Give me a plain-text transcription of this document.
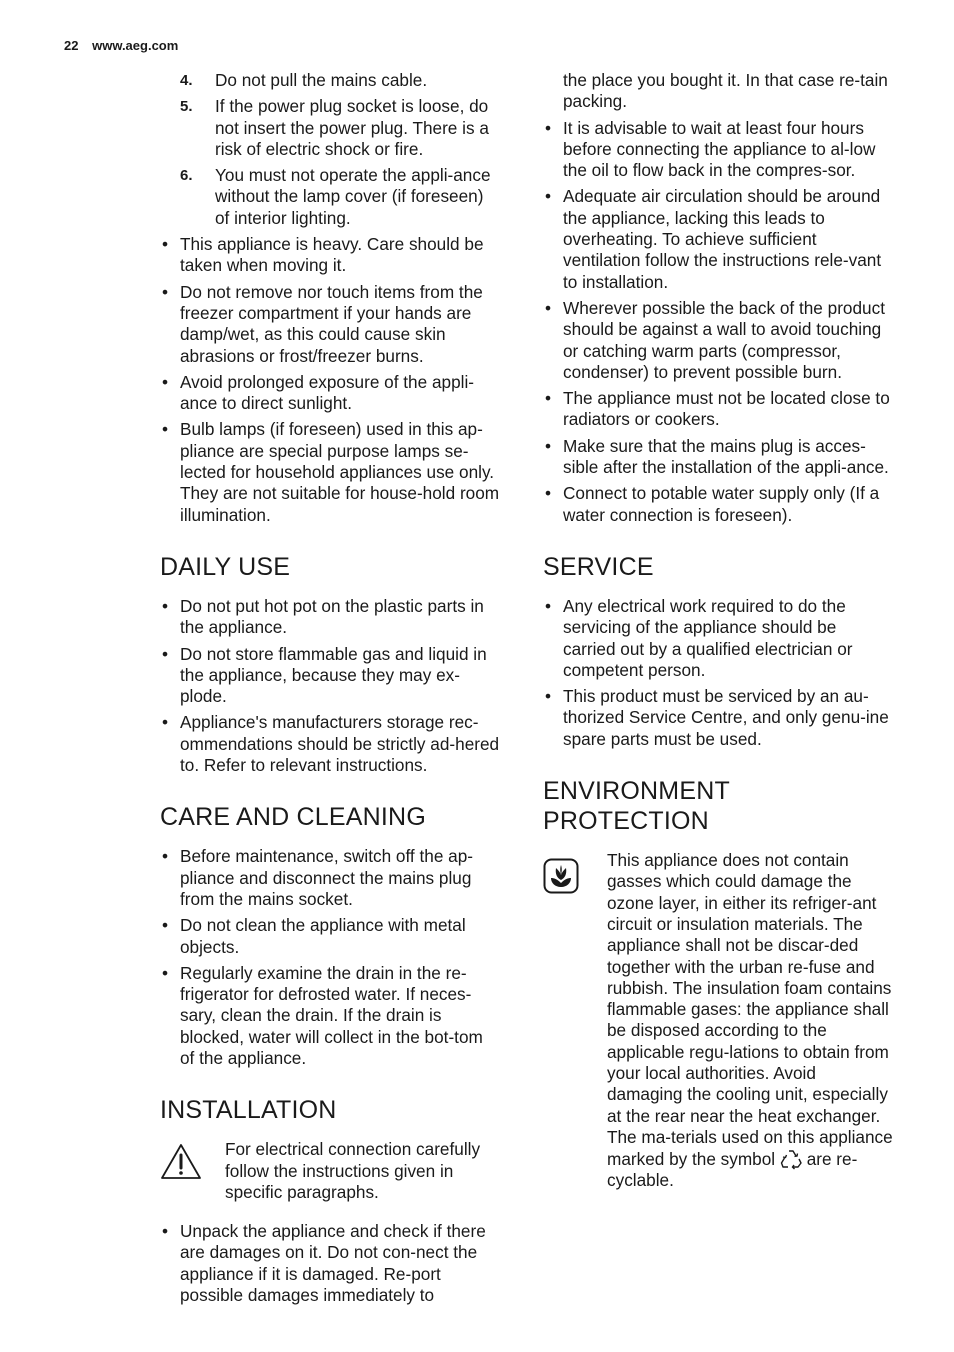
22 www.aeg.com
4. Do not pull the mains cable.
5. If the power plug socket is loose, do not insert the power plug. There is a risk of electric shock or fire.
6. You must not operate the appli-ance without the lamp cover (if foreseen) of interior lighting.
• This appliance is heavy. Care should be taken when moving it.
• Do not remove nor touch items from the freezer compartment if your hands are damp/wet, as this could cause skin abrasions or frost/freezer burns.
• Avoid prolonged exposure of the appli-ance to direct sunlight.
• Bulb lamps (if foreseen) used in this ap-pliance are special purpose lamps se-lected for household appliances use only. They are not suitable for house-hold room illumination.
DAILY USE
• Do not put hot pot on the plastic parts in the appliance.
• Do not store flammable gas and liquid in the appliance, because they may ex-plode.
• Appliance's manufacturers storage rec-ommendations should be strictly ad-hered to. Refer to relevant instructions.
CARE AND CLEANING
• Before maintenance, switch off the ap-pliance and disconnect the mains plug from the mains socket.
• Do not clean the appliance with metal objects.
• Regularly examine the drain in the re-frigerator for defrosted water. If neces-sary, clean the drain. If the drain is blocked, water will collect in the bot-tom of the appliance.
INSTALLATION
For electrical connection carefully follow the instructions given in specific paragraphs.
• Unpack the appliance and check if there are damages on it. Do not con-nect the appliance if it is damaged. Re-port possible damages immediately to
the place you bought it. In that case re-tain packing.
• It is advisable to wait at least four hours before connecting the appliance to al-low the oil to flow back in the compres-sor.
• Adequate air circulation should be around the appliance, lacking this leads to overheating. To achieve sufficient ventilation follow the instructions rele-vant to installation.
• Wherever possible the back of the product should be against a wall to avoid touching or catching warm parts (compressor, condenser) to prevent possible burn.
• The appliance must not be located close to radiators or cookers.
• Make sure that the mains plug is acces-sible after the installation of the appli-ance.
• Connect to potable water supply only (If a water connection is foreseen).
SERVICE
• Any electrical work required to do the servicing of the appliance should be carried out by a qualified electrician or competent person.
• This product must be serviced by an au-thorized Service Centre, and only genu-ine spare parts must be used.
ENVIRONMENT PROTECTION
This appliance does not contain gasses which could damage the ozone layer, in either its refriger-ant circuit or insulation materials. The appliance shall not be discar-ded together with the urban re-fuse and rubbish. The insulation foam contains flammable gases: the appliance shall be disposed according to the applicable regu-lations to obtain from your local authorities. Avoid damaging the cooling unit, especially at the rear near the heat exchanger. The ma-terials used on this appliance marked by the symbol are re-cyclable.
